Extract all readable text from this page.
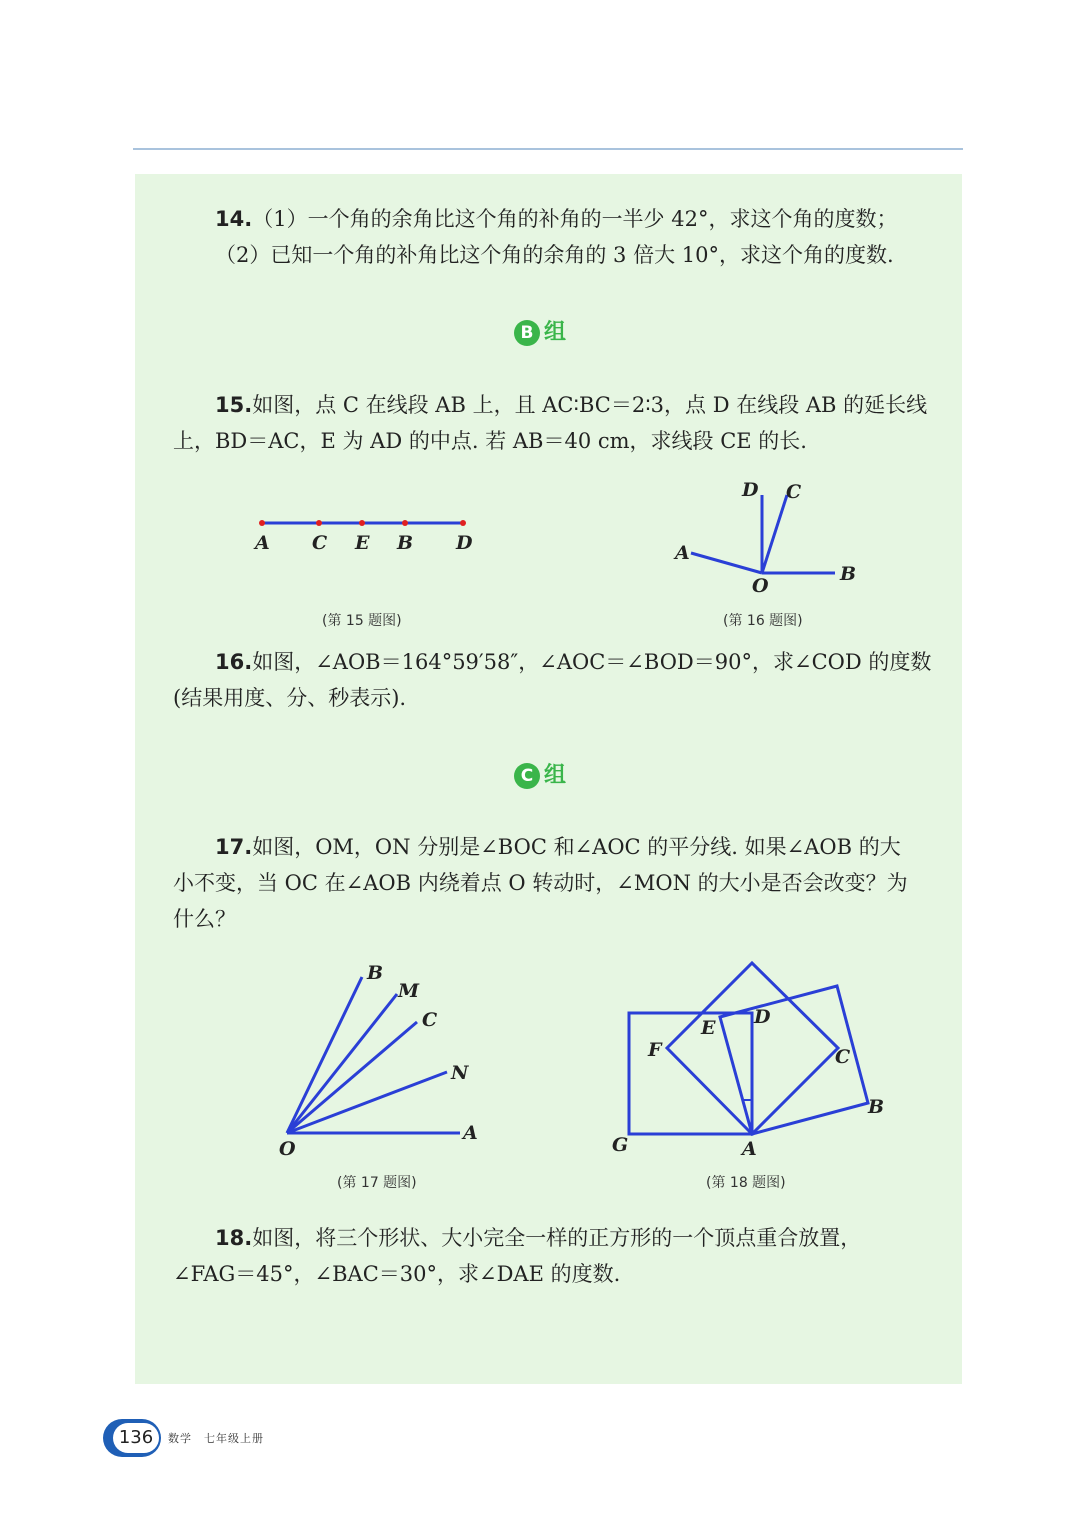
14.（1）一个角的余角比这个角的补角的一半少 42°，求这个角的度数；
（2）已知一个角的补角比这个角的余角的 3 倍大 10°，求这个角的度数.
B 组
15.如图，点 C 在线段 AB 上，且 AC∶BC＝2∶3，点 D 在线段 AB 的延长线
上，BD＝AC，E 为 AD 的中点. 若 AB＝40 cm，求线段 CE 的长.
A C E B D
(第 15 题图)
D C
A
O
B
(第 16 题图)
16.如图，∠AOB＝164°59′58″，∠AOC＝∠BOD＝90°，求∠COD 的度数
(结果用度、分、秒表示).
C 组
17.如图，OM，ON 分别是∠BOC 和∠AOC 的平分线. 如果∠AOB 的大
小不变，当 OC 在∠AOB 内绕着点 O 转动时，∠MON 的大小是否会改变？为
什么？
B
M
C
N
A
O
(第 17 题图)
E D
F	C
B
G	A
(第 18 题图)
18.如图，将三个形状、大小完全一样的正方形的一个顶点重合放置，
∠FAG＝45°，∠BAC＝30°，求∠DAE 的度数.
136	数学 七年级上册
